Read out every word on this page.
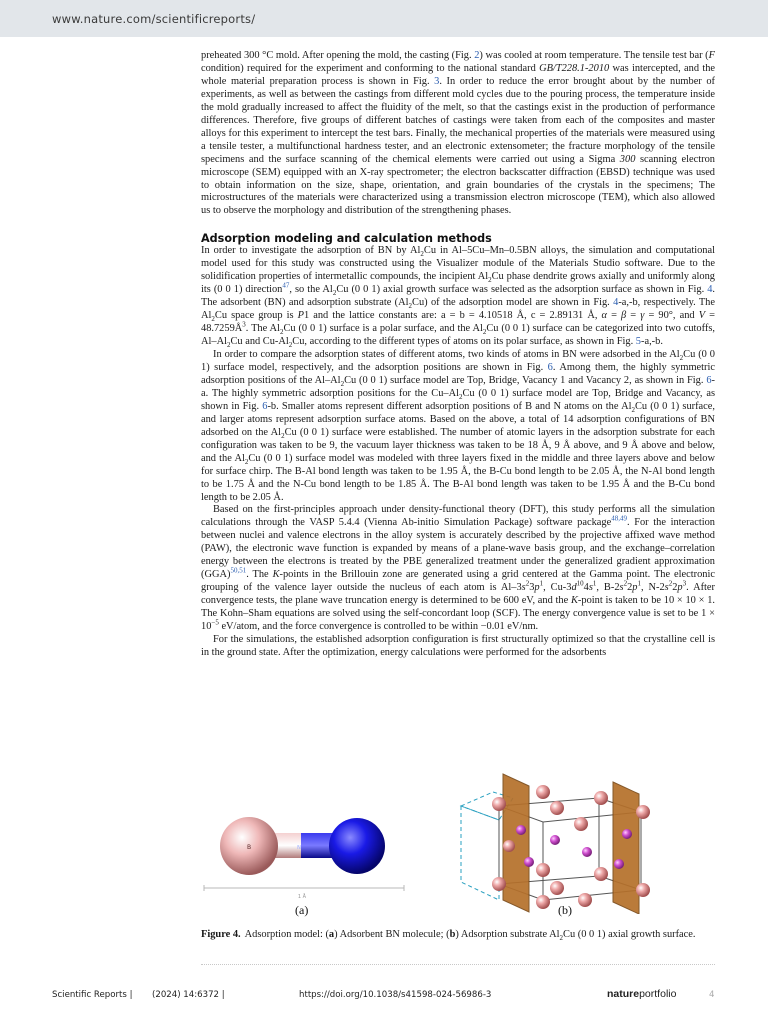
www.nature.com/scientificreports/

preheated 300 °C mold. After opening the mold, the casting (Fig. 2) was cooled at room temperature. The tensile test bar (F condition) required for the experiment and conforming to the national standard GB/T228.1-2010 was intercepted, and the whole material preparation process is shown in Fig. 3. In order to reduce the error brought about by the number of experiments, as well as between the castings from different mold cycles due to the pouring process, the temperature inside the mold gradually increased to affect the fluidity of the melt, so that the castings exist in the production of performance differences. Therefore, five groups of different batches of castings were taken from each of the composites and master alloys for this experiment to intercept the test bars. Finally, the mechanical properties of the materials were measured using a tensile tester, a multifunctional hardness tester, and an electronic extensometer; the fracture morphology of the tensile specimens and the surface scanning of the chemical elements were carried out using a Sigma 300 scanning electron microscope (SEM) equipped with an X-ray spectrometer; the electron backscatter diffraction (EBSD) technique was used to obtain information on the size, shape, orientation, and grain boundaries of the crystals in the specimens; The microstructures of the materials were characterized using a transmission electron microscope (TEM), which also allowed us to observe the morphology and distribution of the strengthening phases.

Adsorption modeling and calculation methods

In order to investigate the adsorption of BN by $Al_2Cu$ in Al–5Cu–Mn–0.5BN alloys, the simulation and computational model used for this study was constructed using the Visualizer module of the Materials Studio software. Due to the solidification properties of intermetallic compounds, the incipient $Al_2Cu$ phase dendrite grows axially and uniformly along its (0 0 1) direction$^{47}$, so the $Al_2Cu$ (0 0 1) axial growth surface was selected as the adsorption surface as shown in Fig. 4. The adsorbent (BN) and adsorption substrate $(Al_2Cu)$ of the adsorption model are shown in Fig. 4-a,-b, respectively. The $Al_2Cu$ space group is P1 and the lattice constants are: a = b = 4.10518 Å, c = 2.89131 Å, α = β = γ = 90°, and $V = 48.7259Å^3$. The $Al_2Cu$ (0 0 1) surface is a polar surface, and the $Al_2Cu$ (0 0 1) surface can be categorized into two cutoffs, $Al-Al_2Cu$ and $Cu-Al_2Cu$, according to the different types of atoms on its polar surface, as shown in Fig. 5-a,-b.

In order to compare the adsorption states of different atoms, two kinds of atoms in BN were adsorbed in the $Al_2Cu$ (0 0 1) surface model, respectively, and the adsorption positions are shown in Fig. 6. Among them, the highly symmetric adsorption positions of the $Al-Al_2Cu$ (0 0 1) surface model are Top, Bridge, Vacancy 1 and Vacancy 2, as shown in Fig. 6-a. The highly symmetric adsorption positions for the $Cu-Al_2Cu$ (0 0 1) surface model are Top, Bridge and Vacancy, as shown in Fig. 6-b. Smaller atoms represent different adsorption positions of B and N atoms on the $Al_2Cu$ (0 0 1) surface, and larger atoms represent adsorption surface atoms. Based on the above, a total of 14 adsorption configurations of BN adsorbed on the $Al_2Cu$ (0 0 1) surface were established. The number of atomic layers in the adsorption substrate for each configuration was taken to be 9, the vacuum layer thickness was taken to be 18 Å, 9 Å above, and 9 Å above and below, and the $Al_2Cu$ (0 0 1) surface model was modeled with three layers fixed in the middle and three layers above and below for surface chirp. The B-Al bond length was taken to be 1.95 Å, the B-Cu bond length to be 2.05 Å, the N-Al bond length to be 1.75 Å and the N-Cu bond length to be 1.85 Å. The B-Al bond length was taken to be 1.95 Å and the B-Cu bond length to be 2.05 Å.

Based on the first-principles approach under density-functional theory (DFT), this study performs all the simulation calculations through the VASP 5.4.4 (Vienna Ab-initio Simulation Package) software package$^{48,49}$. For the interaction between nuclei and valence electrons in the alloy system is accurately described by the projective affixed wave method (PAW), the electronic wave function is expanded by means of a plane-wave basis group, and the exchange–correlation energy between the electrons is treated by the PBE generalized treatment under the generalized gradient approximation (GGA)$^{50,51}$. The K-points in the Brillouin zone are generated using a grid centered at the Gamma point. The electronic grouping of the valence layer outside the nucleus of each atom is $Al-3s^23p^1$, $Cu-3d^{10}4s^1$, $B-2s^22p^1$, $N-2s^22p^3$. After convergence tests, the plane wave truncation energy is determined to be 600 eV, and the K-point is taken to be 10 × 10 × 1. The Kohn–Sham equations are solved using the self-concordant loop (SCF). The energy convergence value is set to be $1 \times 10^{-5}$ eV/atom, and the force convergence is controlled to be within −0.01 eV/nm.

For the simulations, the established adsorption configuration is first structurally optimized so that the crystalline cell is in the ground state. After the optimization, energy calculations were performed for the adsorbents

B	N
1 Å
(a)	(b)
Figure 4. Adsorption model: (a) Adsorbent BN molecule; (b) Adsorption substrate $Al_2Cu$ (0 0 1) axial growth surface.
Scientific Reports | (2024) 14:6372 |	https://doi.org/10.1038/s41598-024-56986-3	natureportfolio	4
